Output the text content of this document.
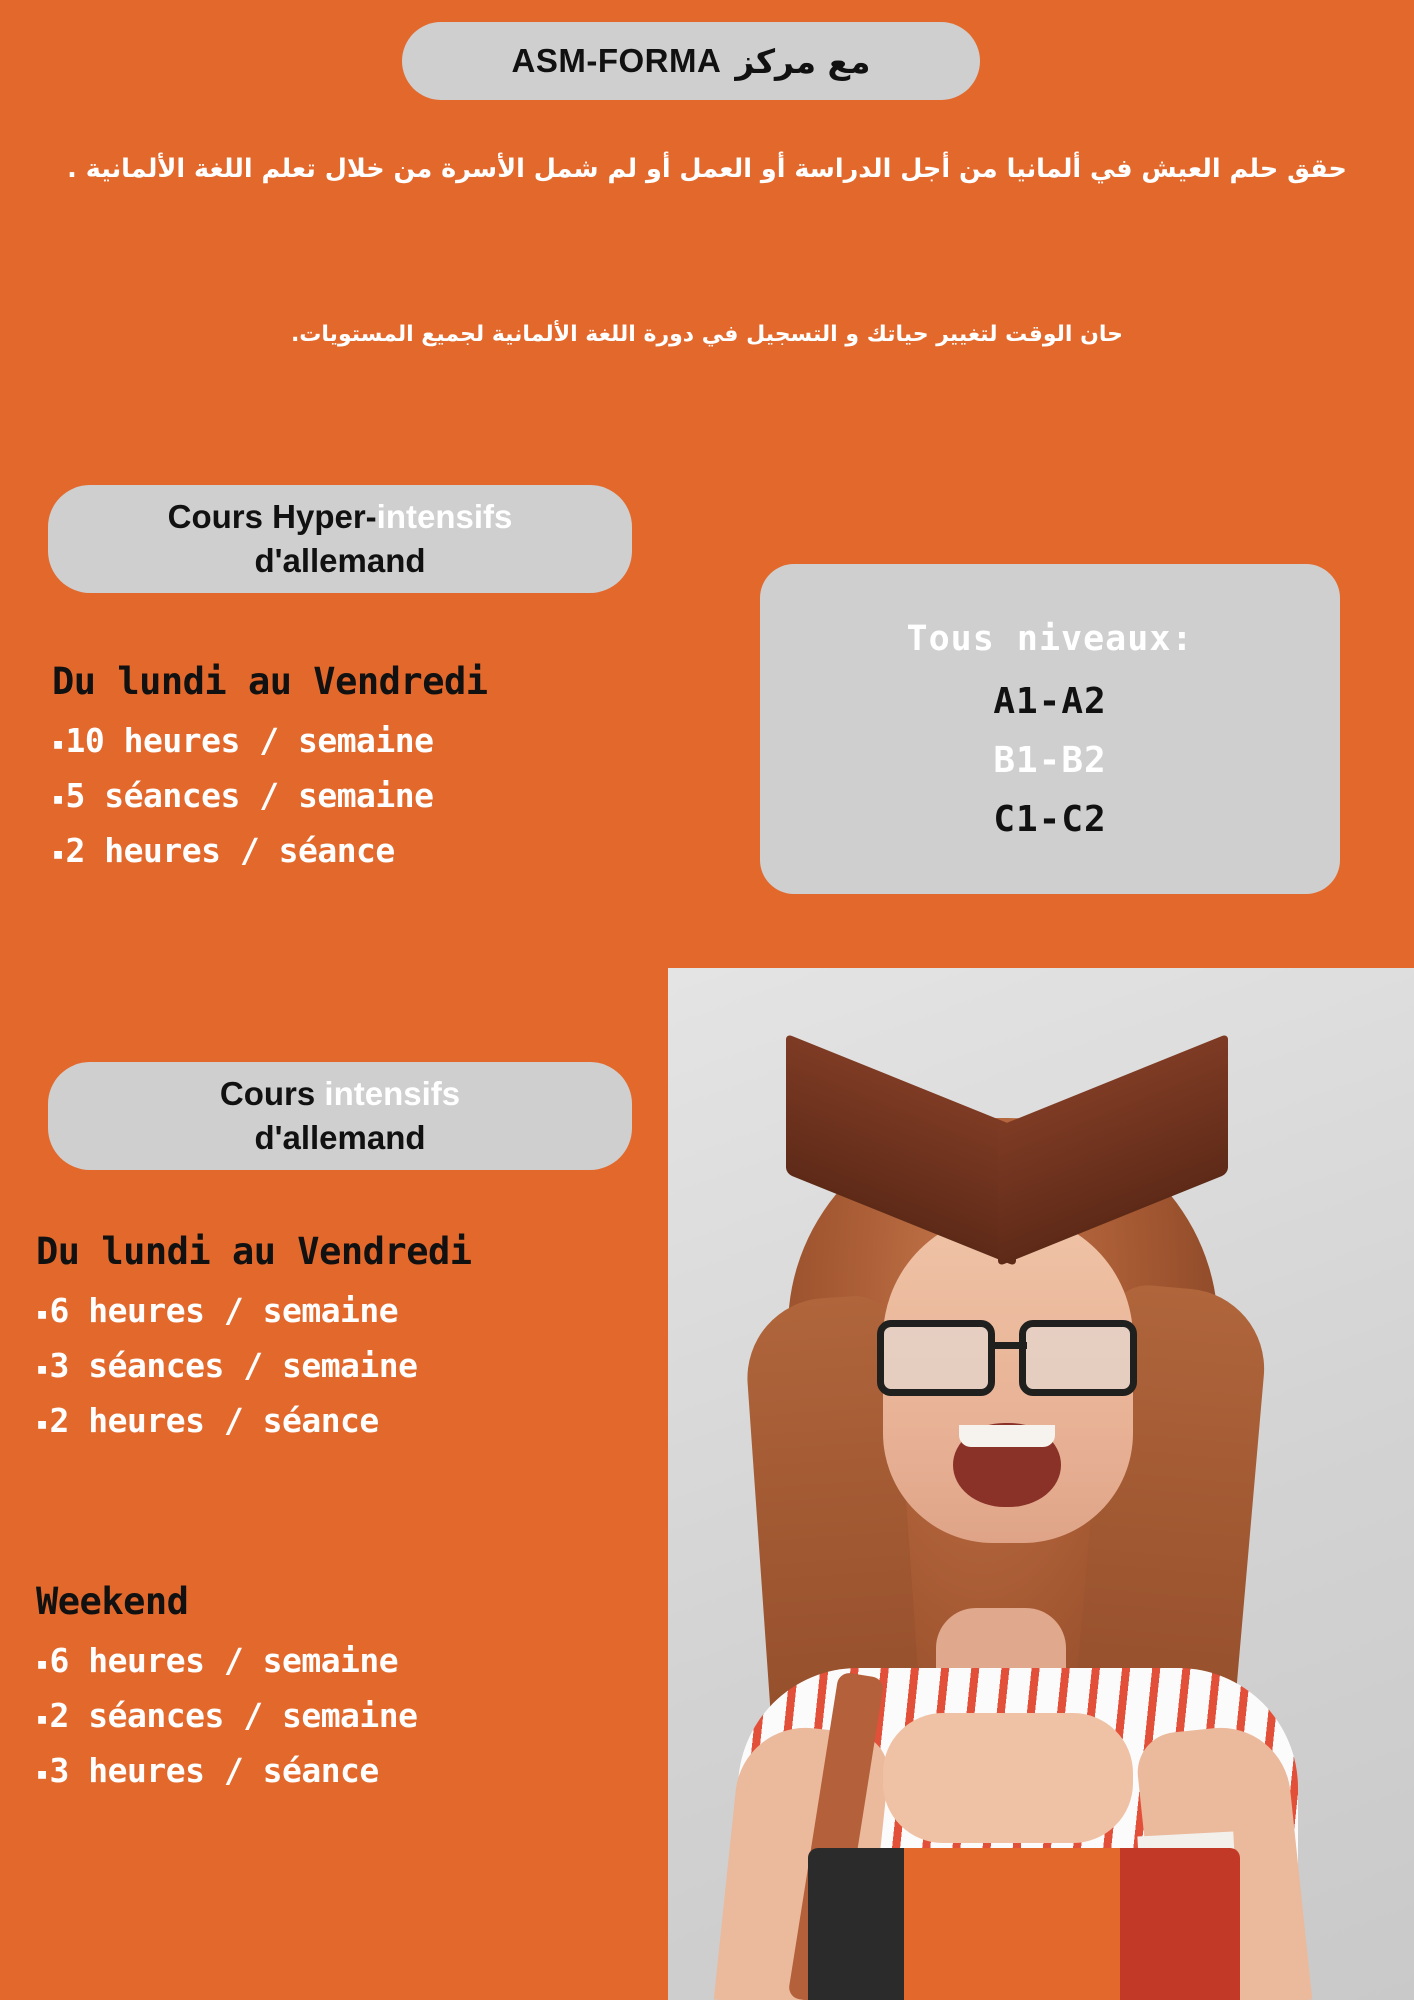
مع مركز
ASM-FORMA
حقق حلم العيش في ألمانيا من أجل الدراسة أو العمل أو لم شمل الأسرة من خلال تعلم اللغة الألمانية .
حان الوقت لتغيير حياتك و التسجيل في دورة اللغة الألمانية لجميع المستويات.
Cours Hyper-intensifs
d'allemand
Du lundi au Vendredi
▪10 heures / semaine
▪5 séances / semaine
▪2 heures / séance
Tous niveaux:
A1-A2
B1-B2
C1-C2
Cours intensifs
d'allemand
Du lundi au Vendredi
▪6 heures / semaine
▪3 séances / semaine
▪2 heures / séance
Weekend
▪6 heures / semaine
▪2 séances / semaine
▪3 heures / séance
